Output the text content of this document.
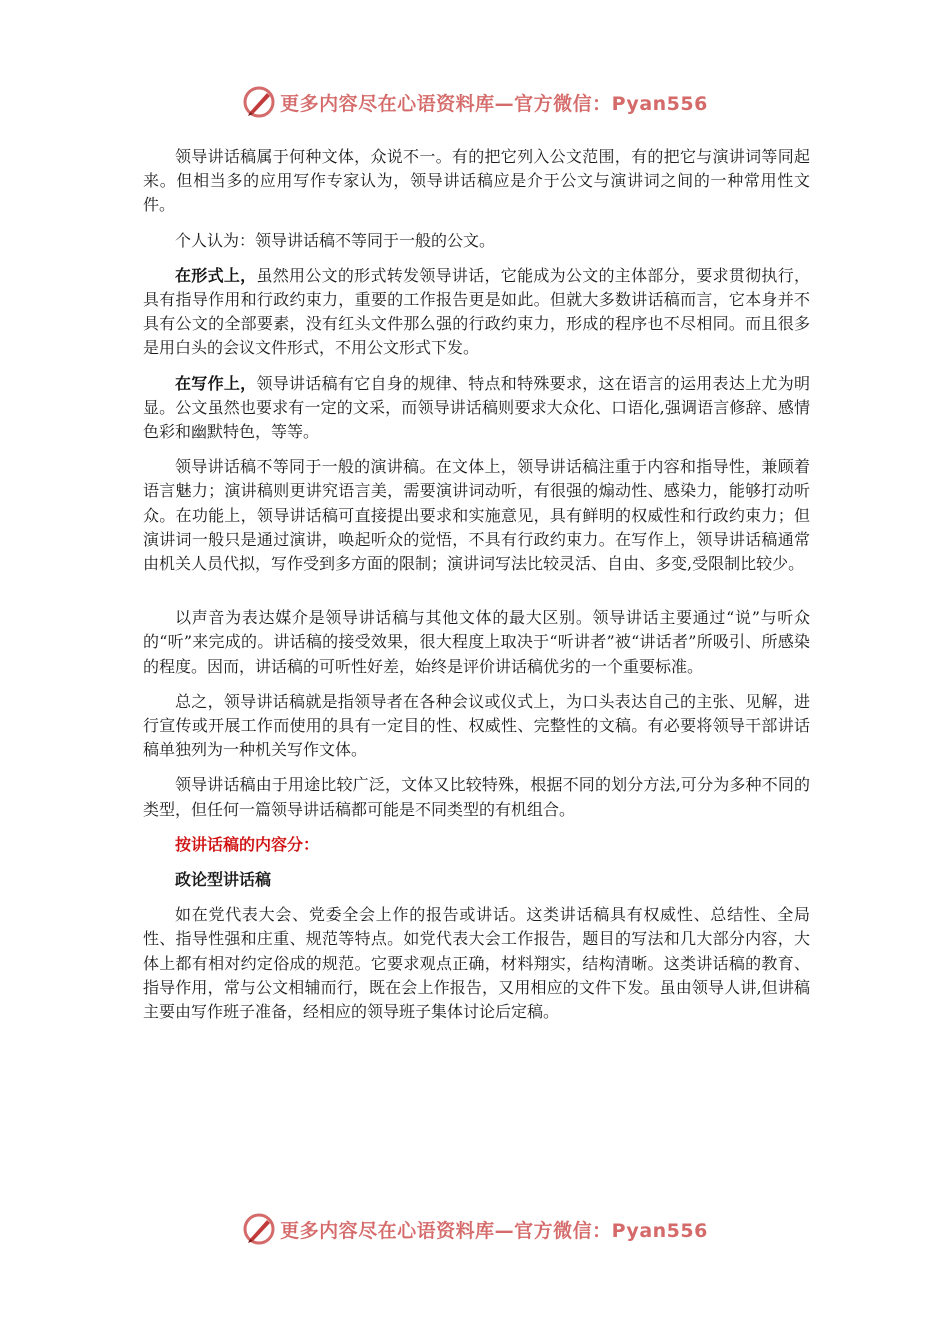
更多内容尽在心语资料库—官方微信：Pyan556

领导讲话稿属于何种文体，众说不一。有的把它列入公文范围，有的把它与演讲词等同起来。但相当多的应用写作专家认为，领导讲话稿应是介于公文与演讲词之间的一种常用性文件。

个人认为：领导讲话稿不等同于一般的公文。

在形式上，虽然用公文的形式转发领导讲话，它能成为公文的主体部分，要求贯彻执行，具有指导作用和行政约束力，重要的工作报告更是如此。但就大多数讲话稿而言，它本身并不具有公文的全部要素，没有红头文件那么强的行政约束力，形成的程序也不尽相同。而且很多是用白头的会议文件形式，不用公文形式下发。

在写作上，领导讲话稿有它自身的规律、特点和特殊要求，这在语言的运用表达上尤为明显。公文虽然也要求有一定的文采，而领导讲话稿则要求大众化、口语化,强调语言修辞、感情色彩和幽默特色，等等。

领导讲话稿不等同于一般的演讲稿。在文体上，领导讲话稿注重于内容和指导性，兼顾着语言魅力；演讲稿则更讲究语言美，需要演讲词动听，有很强的煽动性、感染力，能够打动听众。在功能上，领导讲话稿可直接提出要求和实施意见，具有鲜明的权威性和行政约束力；但演讲词一般只是通过演讲，唤起听众的觉悟，不具有行政约束力。在写作上，领导讲话稿通常由机关人员代拟，写作受到多方面的限制；演讲词写法比较灵活、自由、多变,受限制比较少。

以声音为表达媒介是领导讲话稿与其他文体的最大区别。领导讲话主要通过“说”与听众的“听”来完成的。讲话稿的接受效果，很大程度上取决于“听讲者”被“讲话者”所吸引、所感染的程度。因而，讲话稿的可听性好差，始终是评价讲话稿优劣的一个重要标准。

总之，领导讲话稿就是指领导者在各种会议或仪式上，为口头表达自己的主张、见解，进行宣传或开展工作而使用的具有一定目的性、权威性、完整性的文稿。有必要将领导干部讲话稿单独列为一种机关写作文体。

领导讲话稿由于用途比较广泛，文体又比较特殊，根据不同的划分方法,可分为多种不同的类型，但任何一篇领导讲话稿都可能是不同类型的有机组合。

按讲话稿的内容分：
政论型讲话稿

如在党代表大会、党委全会上作的报告或讲话。这类讲话稿具有权威性、总结性、全局性、指导性强和庄重、规范等特点。如党代表大会工作报告，题目的写法和几大部分内容，大体上都有相对约定俗成的规范。它要求观点正确，材料翔实，结构清晰。这类讲话稿的教育、指导作用，常与公文相辅而行，既在会上作报告，又用相应的文件下发。虽由领导人讲,但讲稿主要由写作班子准备，经相应的领导班子集体讨论后定稿。

更多内容尽在心语资料库—官方微信：Pyan556
